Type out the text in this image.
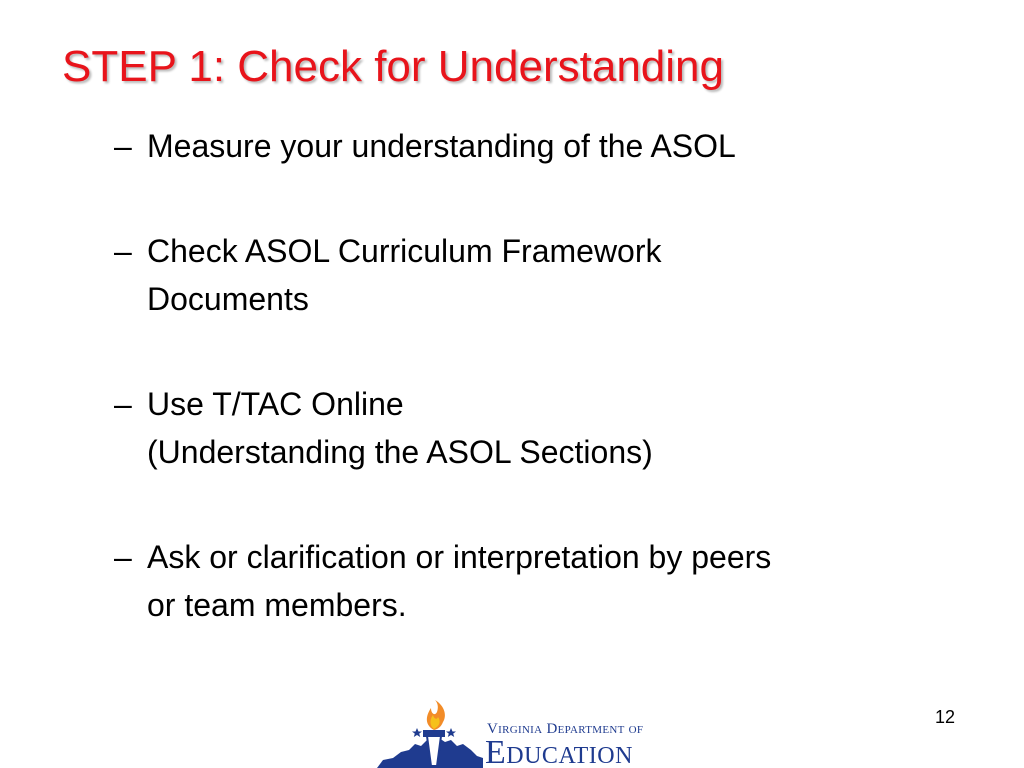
STEP 1: Check for Understanding
– Measure your understanding of the ASOL
– Check ASOL Curriculum Framework
Documents
– Use T/TAC Online
(Understanding the ASOL Sections)
– Ask or clarification or interpretation by peers
or team members.
12
Virginia Department of
Education
